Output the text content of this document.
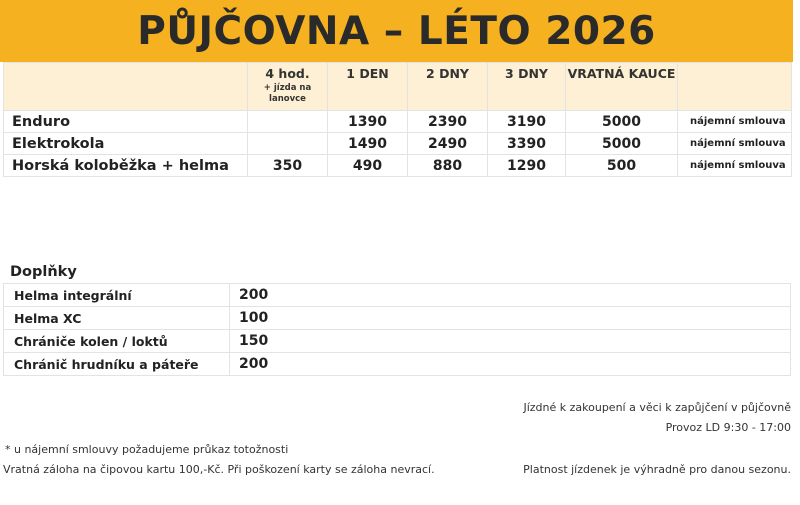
PŮJČOVNA – LÉTO 2026
	4 hod.
+ jízda na lanovce	1 DEN	2 DNY	3 DNY	VRATNÁ KAUCE	
Enduro		1390	2390	3190	5000	nájemní smlouva
Elektrokola		1490	2490	3390	5000	nájemní smlouva
Horská koloběžka + helma	350	490	880	1290	500	nájemní smlouva
Doplňky
Helma integrální	200
Helma XC	100
Chrániče kolen / loktů	150
Chránič hrudníku a páteře	200
Jízdné k zakoupení a věci k zapůjčení v půjčovně
Provoz LD 9:30 - 17:00
* u nájemní smlouvy požadujeme průkaz totožnosti
Vratná záloha na čipovou kartu 100,-Kč. Při poškození karty se záloha nevrací.	Platnost jízdenek je výhradně pro danou sezonu.
